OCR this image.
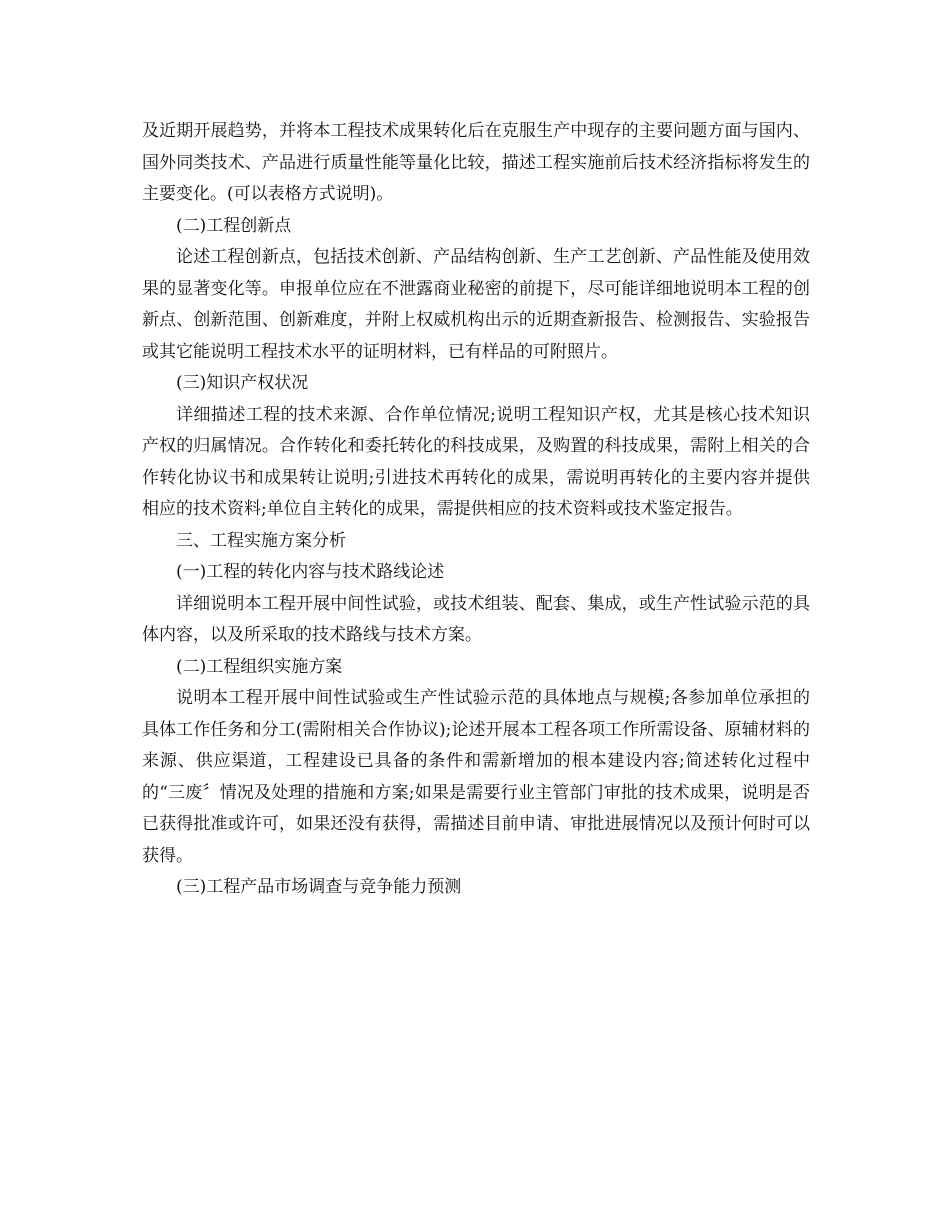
及近期开展趋势，并将本工程技术成果转化后在克服生产中现存的主要问题方面与国内、国外同类技术、产品进行质量性能等量化比较，描述工程实施前后技术经济指标将发生的主要变化。(可以表格方式说明)。

(二)工程创新点

论述工程创新点，包括技术创新、产品结构创新、生产工艺创新、产品性能及使用效果的显著变化等。申报单位应在不泄露商业秘密的前提下，尽可能详细地说明本工程的创新点、创新范围、创新难度，并附上权威机构出示的近期查新报告、检测报告、实验报告或其它能说明工程技术水平的证明材料，已有样品的可附照片。

(三)知识产权状况

详细描述工程的技术来源、合作单位情况;说明工程知识产权，尤其是核心技术知识产权的归属情况。合作转化和委托转化的科技成果，及购置的科技成果，需附上相关的合作转化协议书和成果转让说明;引进技术再转化的成果，需说明再转化的主要内容并提供相应的技术资料;单位自主转化的成果，需提供相应的技术资料或技术鉴定报告。

三、工程实施方案分析

(一)工程的转化内容与技术路线论述

详细说明本工程开展中间性试验，或技术组装、配套、集成，或生产性试验示范的具体内容，以及所采取的技术路线与技术方案。

(二)工程组织实施方案

说明本工程开展中间性试验或生产性试验示范的具体地点与规模;各参加单位承担的具体工作任务和分工(需附相关合作协议);论述开展本工程各项工作所需设备、原辅材料的来源、供应渠道，工程建设已具备的条件和需新增加的根本建设内容;简述转化过程中的“三废〞情况及处理的措施和方案;如果是需要行业主管部门审批的技术成果，说明是否已获得批准或许可，如果还没有获得，需描述目前申请、审批进展情况以及预计何时可以获得。

(三)工程产品市场调查与竞争能力预测
